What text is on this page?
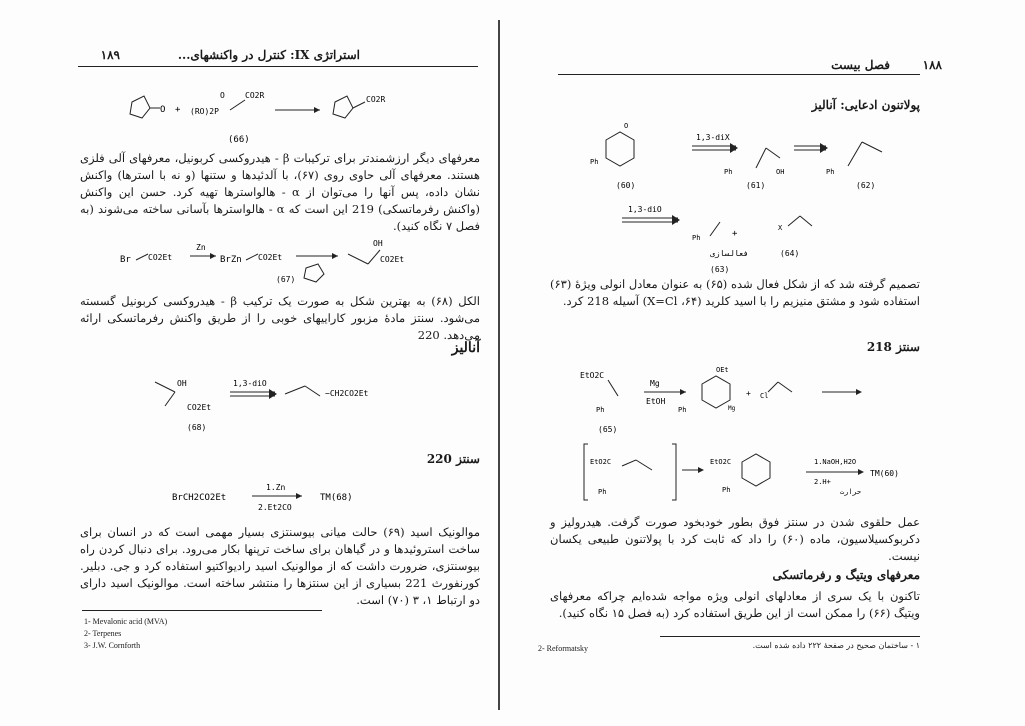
استراتژی IX: کنترل در واکنشهای...
۱۸۹
O + (RO)2P
O	CO2R	CO2R
(66)
معرفهای دیگر ارزشمندتر برای ترکیبات β - هیدروکسی کربونیل، معرفهای آلی فلزی هستند. معرفهای آلی حاوی روی (۶۷)، با آلدئیدها و ستنها (و نه با استرها) واکنش نشان داده، پس آنها را می‌توان از α - هالواسترها تهیه کرد. حسن این واکنش (واکنش رفرماتسکی) 219 این است که α - هالواسترها بآسانی ساخته می‌شوند (به فصل ۷ نگاه کنید).
Br CO2Et
Zn
BrZn CO2Et
(67)
OH
CO2Et
الکل (۶۸) به بهترین شکل به صورت یک ترکیب β - هیدروکسی کربونیل گسسته می‌شود. سنتز مادهٔ مزبور کاراییهای خوبی را از طریق واکنش رفرماتسکی ارائه می‌دهد. 220
آنالیز
OH
CO2Et
1,3-diO
−CH2CO2Et
(68)
سنتز 220
BrCH2CO2Et
1.Zn
2.Et2CO
TM(68)
موالونیک اسید (۶۹) حالت میانی بیوسنتزی بسیار مهمی است که در انسان برای ساخت استروئیدها و در گیاهان برای ساخت ترپنها بکار می‌رود. برای دنبال کردن راه بیوسنتزی، ضرورت داشت که از موالونیک اسید رادیواکتیو استفاده کرد و جی. دبلیر. کورنفورث 221 بسیاری از این سنتزها را منتشر ساخته است. موالونیک اسید دارای دو ارتباط ۱، ۳ (۷۰) است.
1- Mevalonic acid (MVA)
2- Terpenes
3- J.W. Cornforth
فصل بیست	۱۸۸
پولاتنون ادعایی: آنالیز
O
Ph
1,3-diX
Ph	OH	Ph
(60)	(61)	(62)
1,3-diO
Ph	+
X
فعالسازی	(64)
(63)
تصمیم گرفته شد که از شکل فعال شده (۶۵) به عنوان معادل انولی ویژهٔ (۶۳) استفاده شود و مشتق منیزیم را با اسید کلرید (۶۴، X=Cl) آسیله 218 کرد.
سنتز 218
EtO2C
Ph
Mg
EtOH
OEt
Ph	Mg
+ Cl
(65)
EtO2C
Ph
EtO2C
Ph
1.NaOH,H2O
2.H+
حرارت
TM(60)
عمل حلقوی شدن در سنتز فوق بطور خودبخود صورت گرفت. هیدرولیز و دکربوکسیلاسیون، ماده (۶۰) را داد که ثابت کرد با پولاتنون طبیعی یکسان نیست.
معرفهای ویتیگ و رفرماتسکی
تاکنون با یک سری از معادلهای انولی ویژه مواجه شده‌ایم چراکه معرفهای ویتیگ (۶۶) را ممکن است از این طریق استفاده کرد (به فصل ۱۵ نگاه کنید).
2- Reformatsky	۱ - ساختمان صحیح در صفحهٔ ۲۲۲ داده شده است.
